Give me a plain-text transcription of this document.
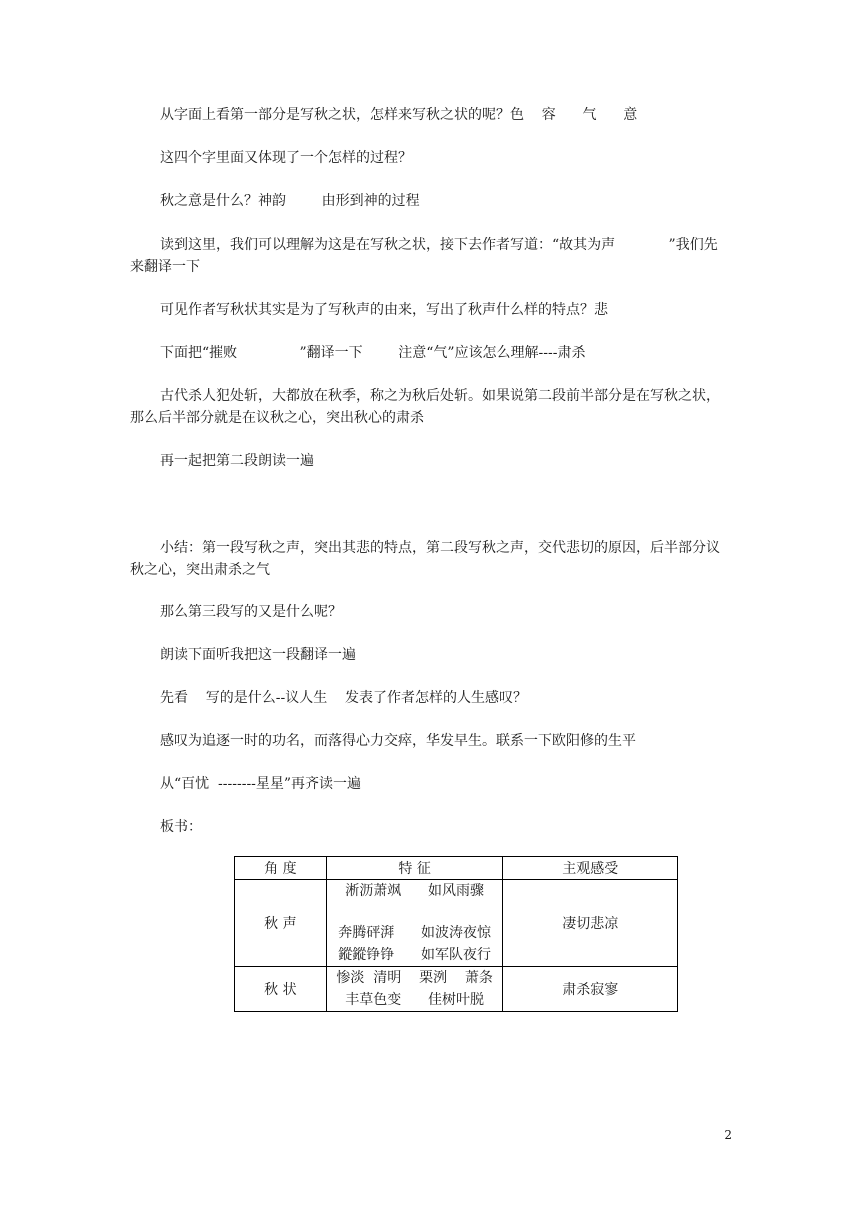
从字面上看第一部分是写秋之状，怎样来写秋之状的呢？色    容      气      意

这四个字里面又体现了一个怎样的过程？

秋之意是什么？神韵        由形到神的过程

读到这里，我们可以理解为这是在写秋之状，接下去作者写道：“故其为声            ”我们先来翻译一下

可见作者写秋状其实是为了写秋声的由来，写出了秋声什么样的特点？悲

下面把“摧败              ”翻译一下        注意“气”应该怎么理解----肃杀

古代杀人犯处斩，大都放在秋季，称之为秋后处斩。如果说第二段前半部分是在写秋之状，那么后半部分就是在议秋之心，突出秋心的肃杀

再一起把第二段朗读一遍

小结：第一段写秋之声，突出其悲的特点，第二段写秋之声，交代悲切的原因，后半部分议秋之心，突出肃杀之气

那么第三段写的又是什么呢？

朗读下面听我把这一段翻译一遍

先看    写的是什么--议人生    发表了作者怎样的人生感叹？

感叹为追逐一时的功名，而落得心力交瘁，华发早生。联系一下欧阳修的生平

从“百忧  --------星星”再齐读一遍

板书：

角 度	特 征	主观感受
秋 声	淅沥萧飒      如风雨骤
奔腾砰湃      如波涛夜惊
鏦鏦铮铮      如军队夜行	凄切悲凉
秋 状	惨淡  清明    栗洌    萧条
丰草色变      佳树叶脱	肃杀寂寥
2
